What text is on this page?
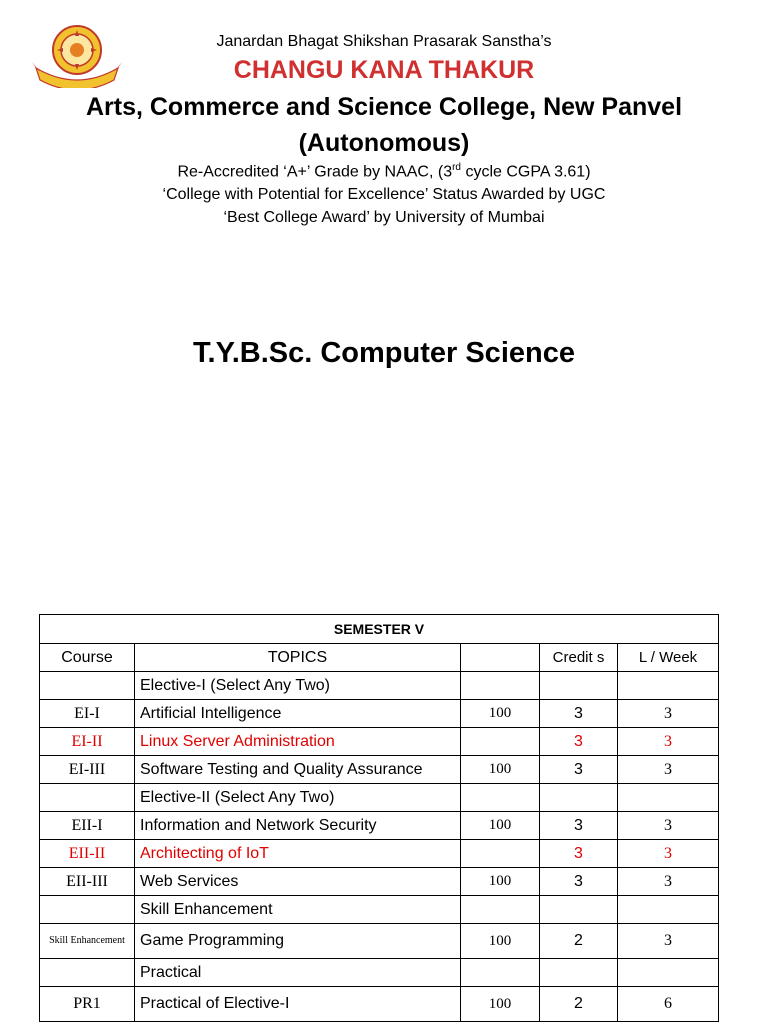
Janardan Bhagat Shikshan Prasarak Sanstha’s
CHANGU KANA THAKUR
Arts, Commerce and Science College, New Panvel
(Autonomous)
Re-Accredited ‘A+’ Grade by NAAC, (3rd cycle CGPA 3.61)
‘College with Potential for Excellence’ Status Awarded by UGC
‘Best College Award’ by University of Mumbai
T.Y.B.Sc. Computer Science
SEMESTER V				
Course	TOPICS		Credit s	L / Week
	Elective-I (Select Any Two)			
EI-I	Artificial Intelligence	100	3	3
EI-II	Linux Server Administration		3	3
EI-III	Software Testing and Quality Assurance	100	3	3
	Elective-II (Select Any Two)			
EII-I	Information and Network Security	100	3	3
EII-II	Architecting of IoT		3	3
EII-III	Web Services	100	3	3
	Skill Enhancement			
Skill Enhancement	Game Programming	100	2	3
	Practical			
PR1	Practical of Elective-I	100	2	6
